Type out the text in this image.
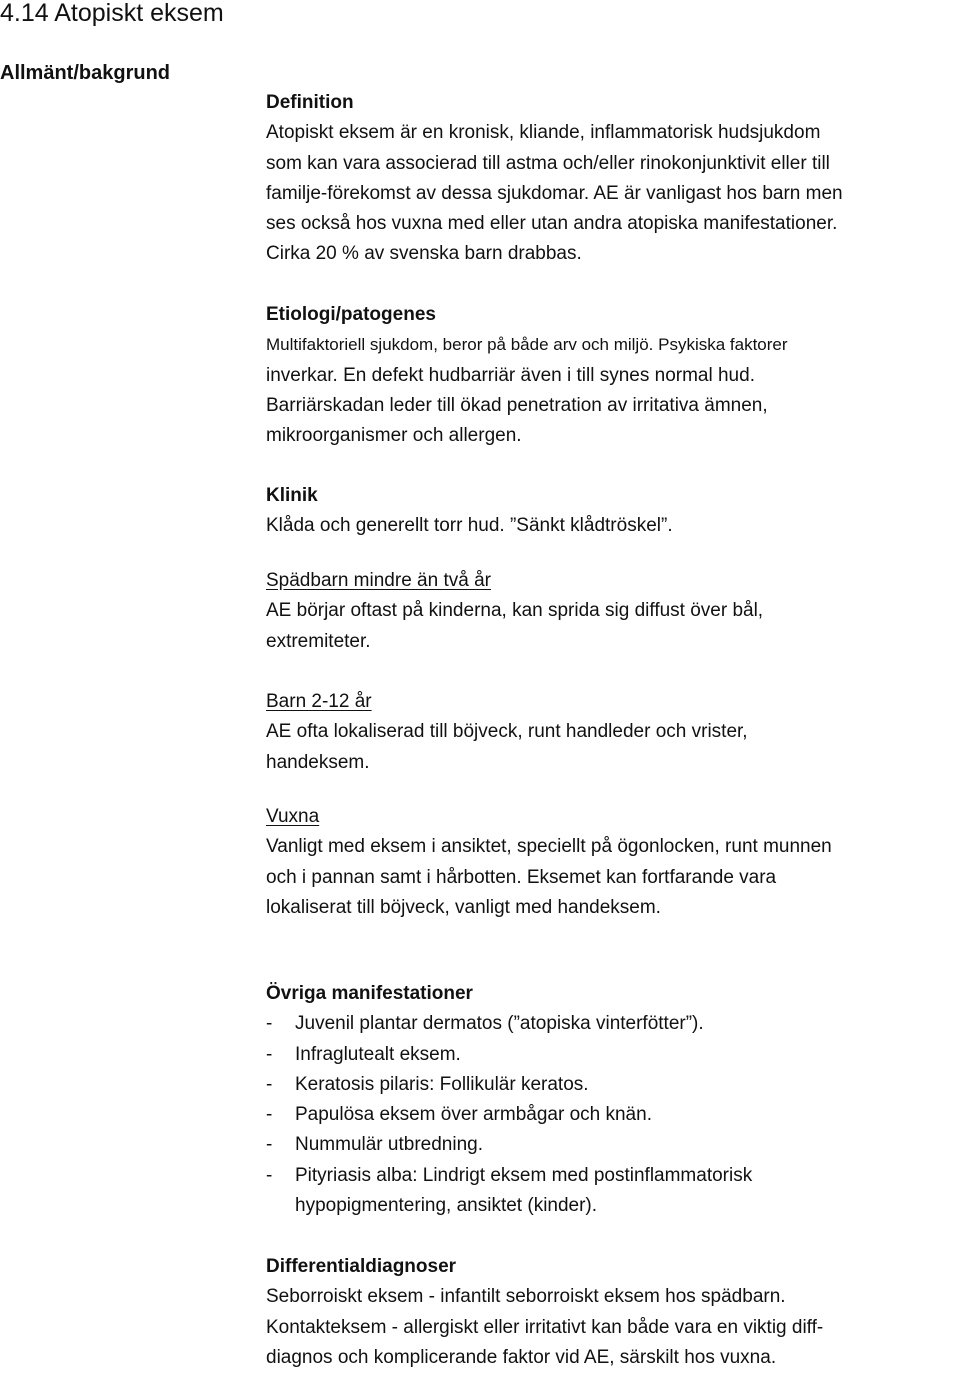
4.14 Atopiskt eksem
Allmänt/bakgrund
Definition
Atopiskt eksem är en kronisk, kliande, inflammatorisk hudsjukdom
som kan vara associerad till astma och/eller rinokonjunktivit eller till
familje-förekomst av dessa sjukdomar. AE är vanligast hos barn men
ses också hos vuxna med eller utan andra atopiska manifestationer.
Cirka 20 % av svenska barn drabbas.
Etiologi/patogenes
Multifaktoriell sjukdom, beror på både arv och miljö. Psykiska faktorer
inverkar. En defekt hudbarriär även i till synes normal hud.
Barriärskadan leder till ökad penetration av irritativa ämnen,
mikroorganismer och allergen.
Klinik
Klåda och generellt torr hud. ”Sänkt klådtröskel”.
Spädbarn mindre än två år
AE börjar oftast på kinderna, kan sprida sig diffust över bål,
extremiteter.
Barn 2-12 år
AE ofta lokaliserad till böjveck, runt handleder och vrister,
handeksem.
Vuxna
Vanligt med eksem i ansiktet, speciellt på ögonlocken, runt munnen
och i pannan samt i hårbotten. Eksemet kan fortfarande vara
lokaliserat till böjveck, vanligt med handeksem.
Övriga manifestationer
-	Juvenil plantar dermatos (”atopiska vinterfötter”).
-	Infraglutealt eksem.
-	Keratosis pilaris: Follikulär keratos.
-	Papulösa eksem över armbågar och knän.
-	Nummulär utbredning.
-	Pityriasis alba: Lindrigt eksem med postinflammatorisk
hypopigmentering, ansiktet (kinder).
Differentialdiagnoser
Seborroiskt eksem - infantilt seborroiskt eksem hos spädbarn.
Kontakteksem - allergiskt eller irritativt kan både vara en viktig diff-
diagnos och komplicerande faktor vid AE, särskilt hos vuxna.
